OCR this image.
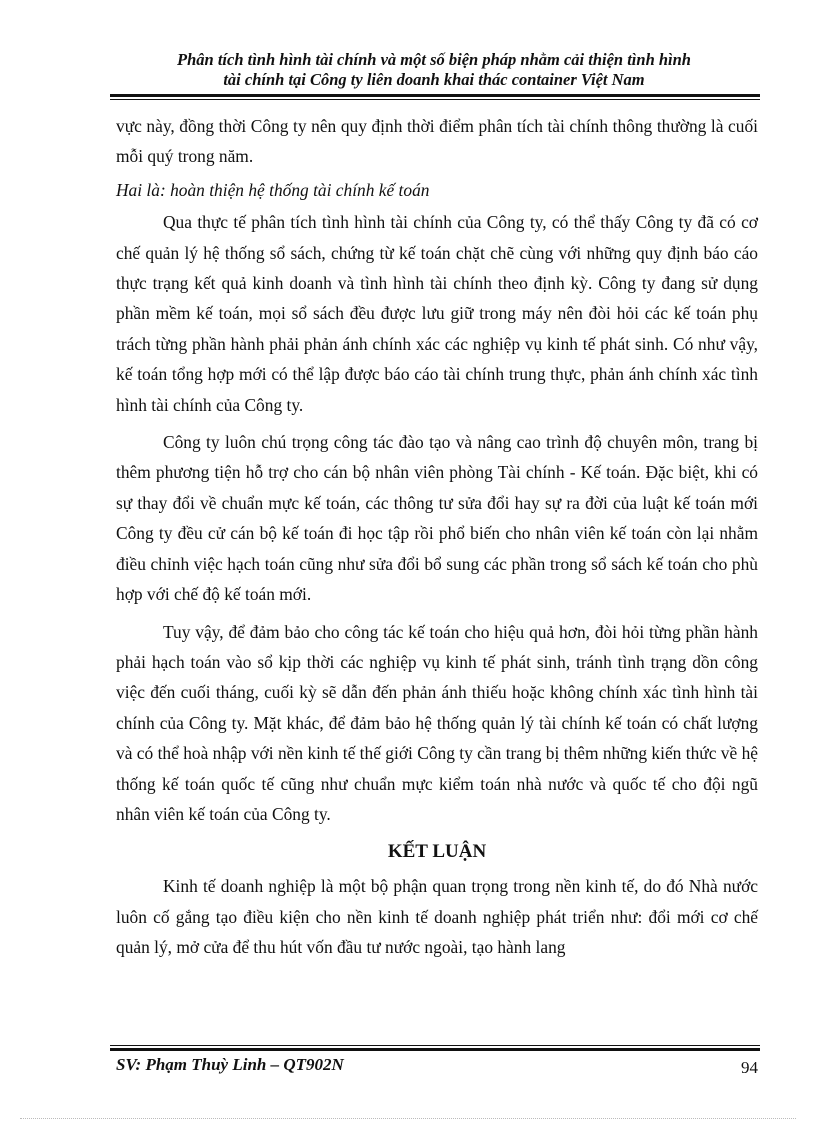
Phân tích tình hình tài chính và một số biện pháp nhằm cải thiện tình hình
tài chính tại Công ty liên doanh khai thác container Việt Nam

vực này, đồng thời Công ty nên quy định thời điểm phân tích tài chính thông thường là cuối mỗi quý trong năm.

Hai là: hoàn thiện hệ thống tài chính kế toán

Qua thực tế phân tích tình hình tài chính của Công ty, có thể thấy Công ty đã có cơ chế quản lý hệ thống sổ sách, chứng từ kế toán chặt chẽ cùng với những quy định báo cáo thực trạng kết quả kinh doanh và tình hình tài chính theo định kỳ. Công ty đang sử dụng phần mềm kế toán, mọi sổ sách đều được lưu giữ trong máy nên đòi hỏi các kế toán phụ trách từng phần hành phải phản ánh chính xác các nghiệp vụ kinh tế phát sinh. Có như vậy, kế toán tổng hợp mới có thể lập được báo cáo tài chính trung thực, phản ánh chính xác tình hình tài chính của Công ty.

Công ty luôn chú trọng công tác đào tạo và nâng cao trình độ chuyên môn, trang bị thêm phương tiện hỗ trợ cho cán bộ nhân viên phòng Tài chính - Kế toán. Đặc biệt, khi có sự thay đổi về chuẩn mực kế toán, các thông tư sửa đổi hay sự ra đời của luật kế toán mới Công ty đều cử cán bộ kế toán đi học tập rồi phổ biến cho nhân viên kế toán còn lại nhằm điều chỉnh việc hạch toán cũng như sửa đổi bổ sung các phần trong sổ sách kế toán cho phù hợp với chế độ kế toán mới.

Tuy vậy, để đảm bảo cho công tác kế toán cho hiệu quả hơn, đòi hỏi từng phần hành phải hạch toán vào sổ kịp thời các nghiệp vụ kinh tế phát sinh, tránh tình trạng dồn công việc đến cuối tháng, cuối kỳ sẽ dẫn đến phản ánh thiếu hoặc không chính xác tình hình tài chính của Công ty. Mặt khác, để đảm bảo hệ thống quản lý tài chính kế toán có chất lượng và có thể hoà nhập với nền kinh tế thế giới Công ty cần trang bị thêm những kiến thức về hệ thống kế toán quốc tế cũng như chuẩn mực kiểm toán nhà nước và quốc tế cho đội ngũ nhân viên kế toán của Công ty.

KẾT LUẬN

Kinh tế doanh nghiệp là một bộ phận quan trọng trong nền kinh tế, do đó Nhà nước luôn cố gắng tạo điều kiện cho nền kinh tế doanh nghiệp phát triển như: đổi mới cơ chế quản lý, mở cửa để thu hút vốn đầu tư nước ngoài, tạo hành lang

SV: Phạm Thuỳ Linh – QT902N	94
